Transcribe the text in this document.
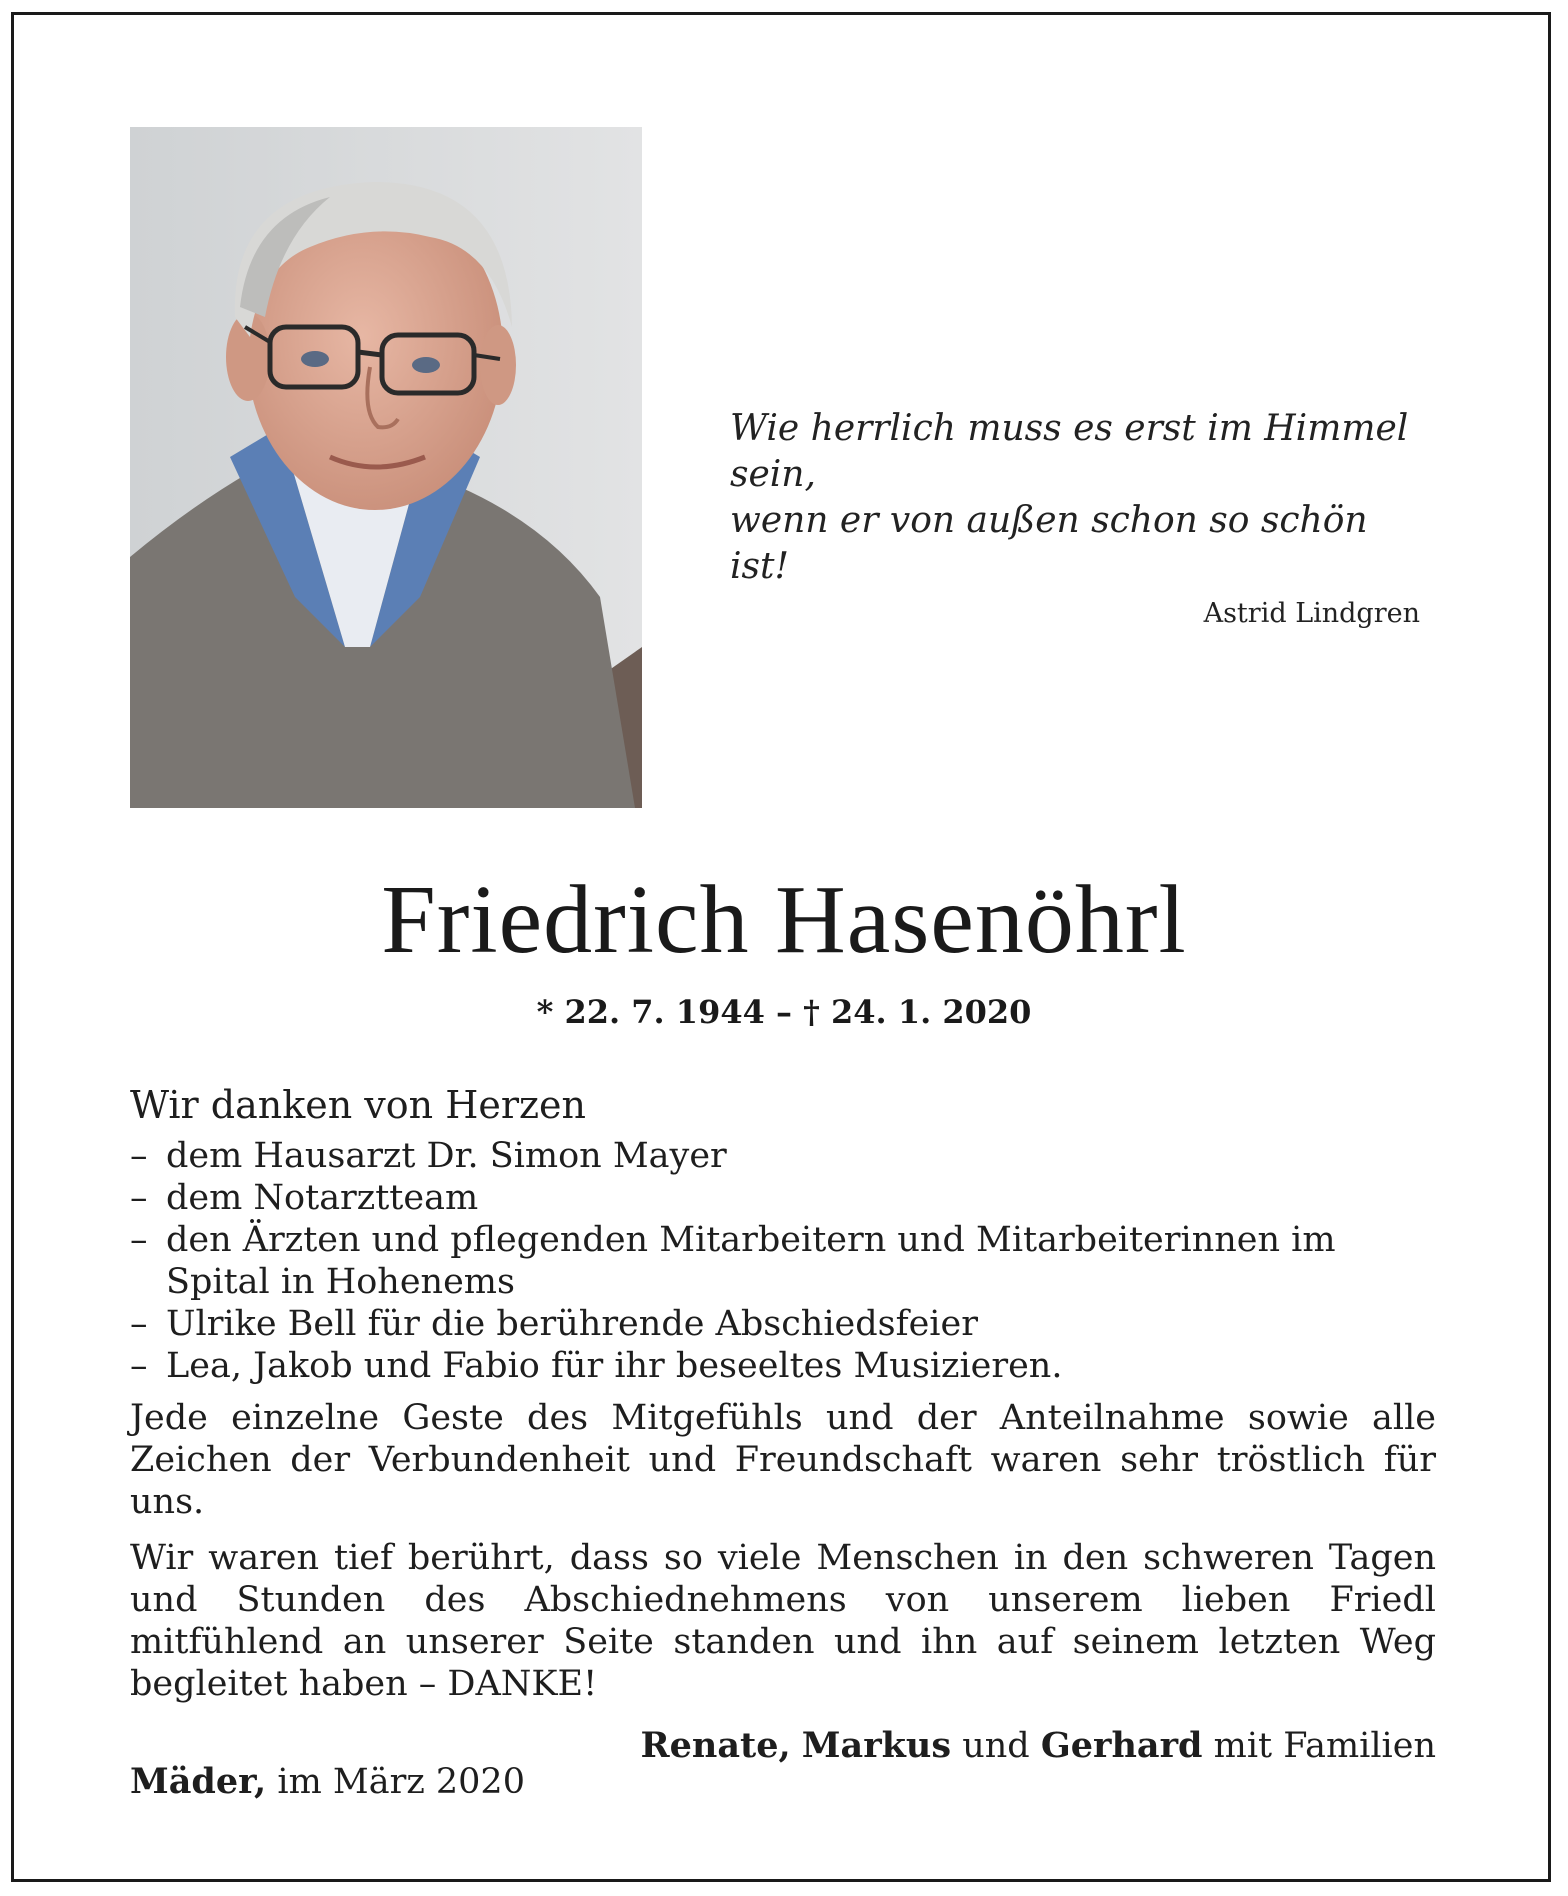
Wie herrlich muss es erst im Himmel sein,
wenn er von außen schon so schön ist!
Astrid Lindgren
Friedrich Hasenöhrl
* 22. 7. 1944 – † 24. 1. 2020
Wir danken von Herzen
– dem Hausarzt Dr. Simon Mayer
– dem Notarztteam
– den Ärzten und pflegenden Mitarbeitern und Mitarbeiterinnen im Spital in Hohenems
– Ulrike Bell für die berührende Abschiedsfeier
– Lea, Jakob und Fabio für ihr beseeltes Musizieren.

Jede einzelne Geste des Mitgefühls und der Anteilnahme sowie alle Zeichen der Verbundenheit und Freundschaft waren sehr tröstlich für uns.

Wir waren tief berührt, dass so viele Menschen in den schweren Tagen und Stunden des Abschiednehmens von unserem lieben Friedl mitfühlend an unserer Seite standen und ihn auf seinem letzten Weg begleitet haben – DANKE!

Renate, Markus und Gerhard mit Familien
Mäder, im März 2020
